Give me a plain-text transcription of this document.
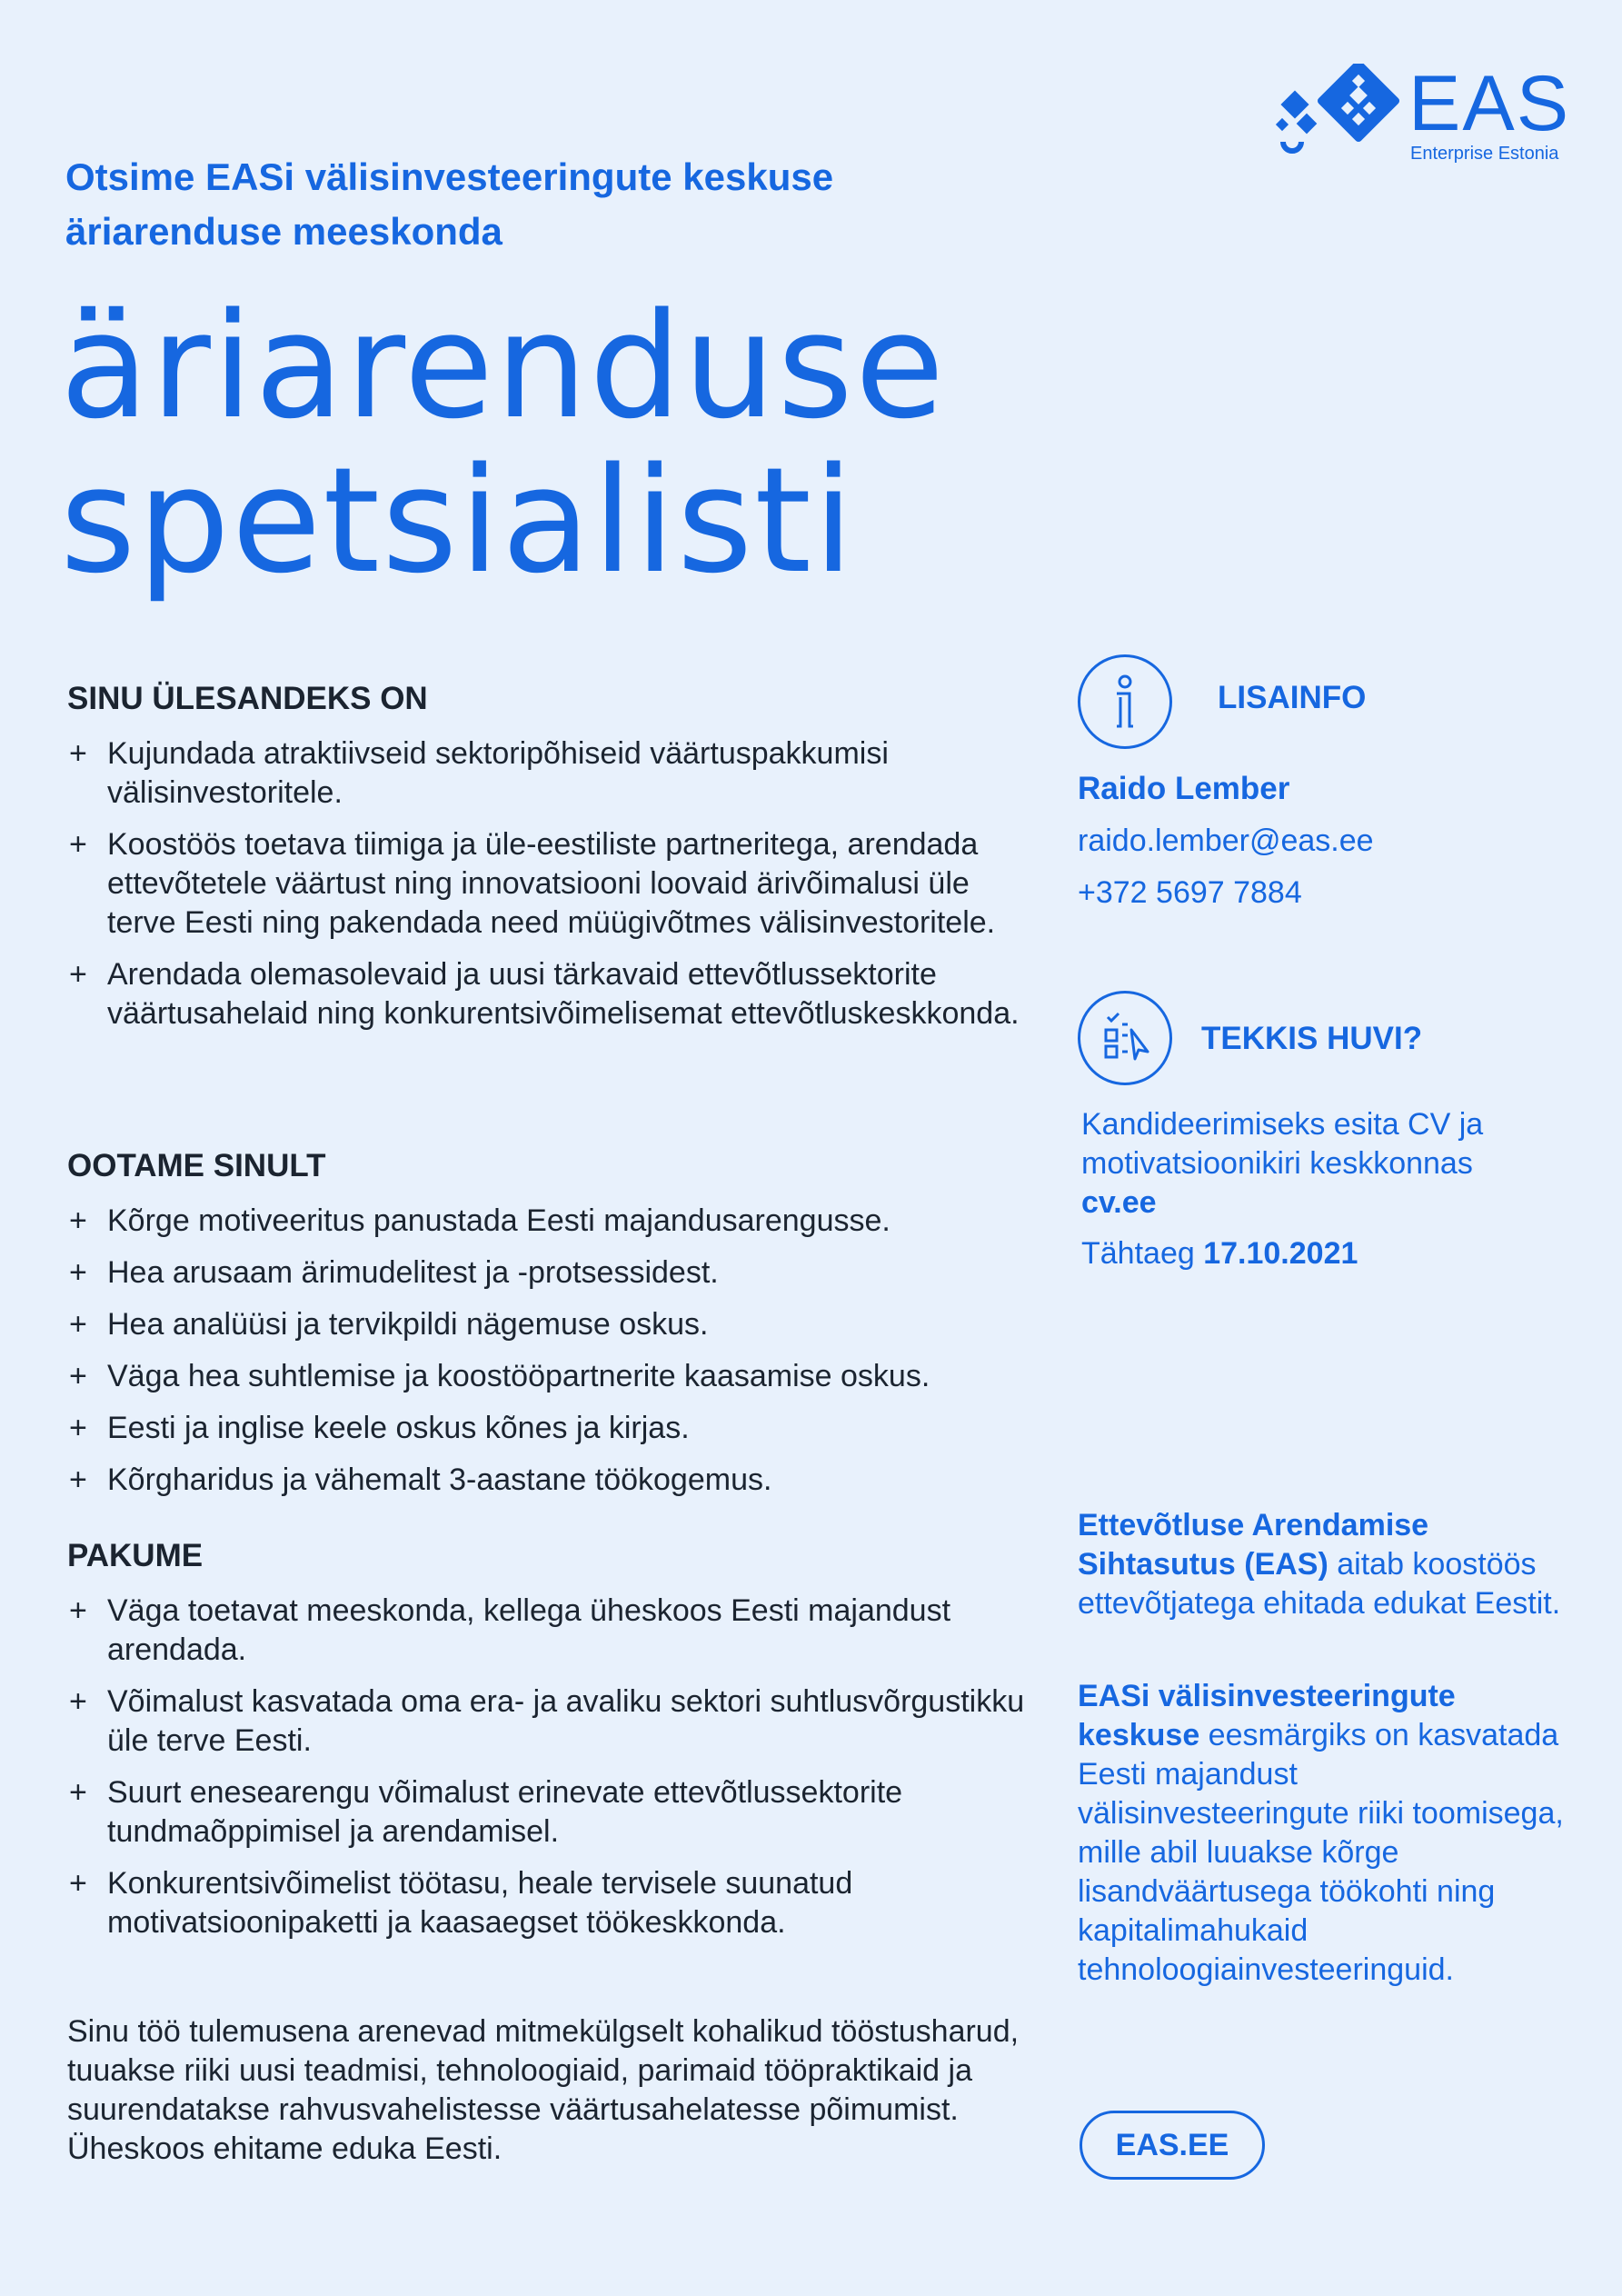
EAS
Enterprise Estonia
Otsime EASi välisinvesteeringute keskuse äriarenduse meeskonda
äriarenduse
spetsialisti
SINU ÜLESANDEKS ON
+ Kujundada atraktiivseid sektoripõhiseid väärtuspakkumisi välisinvestoritele.
+ Koostöös toetava tiimiga ja üle-eestiliste partneritega, arendada ettevõtetele väärtust ning innovatsiooni loovaid ärivõimalusi üle terve Eesti ning pakendada need müügivõtmes välisinvestoritele.
+ Arendada olemasolevaid ja uusi tärkavaid ettevõtlussektorite väärtusahelaid ning konkurentsivõimelisemat ettevõtluskeskkonda.
OOTAME SINULT
+ Kõrge motiveeritus panustada Eesti majandusarengusse.
+ Hea arusaam ärimudelitest ja -protsessidest.
+ Hea analüüsi ja tervikpildi nägemuse oskus.
+ Väga hea suhtlemise ja koostööpartnerite kaasamise oskus.
+ Eesti ja inglise keele oskus kõnes ja kirjas.
+ Kõrgharidus ja vähemalt 3-aastane töökogemus.
PAKUME
+ Väga toetavat meeskonda, kellega üheskoos Eesti majandust arendada.
+ Võimalust kasvatada oma era- ja avaliku sektori suhtlusvõrgustikku üle terve Eesti.
+ Suurt enesearengu võimalust erinevate ettevõtlussektorite tundmaõppimisel ja arendamisel.
+ Konkurentsivõimelist töötasu, heale tervisele suunatud motivatsioonipaketti ja kaasaegset töökeskkonda.
Sinu töö tulemusena arenevad mitmekülgselt kohalikud tööstusharud, tuuakse riiki uusi teadmisi, tehnoloogiaid, parimaid tööpraktikaid ja suurendatakse rahvusvahelistesse väärtusahelatesse põimumist. Üheskoos ehitame eduka Eesti.
LISAINFO
Raido Lember
raido.lember@eas.ee
+372 5697 7884
TEKKIS HUVI?
Kandideerimiseks esita CV ja motivatsioonikiri keskkonnas cv.ee
Tähtaeg 17.10.2021
Ettevõtluse Arendamise Sihtasutus (EAS) aitab koostöös ettevõtjatega ehitada edukat Eestit.
EASi välisinvesteeringute keskuse eesmärgiks on kasvatada Eesti majandust välisinvesteeringute riiki toomisega, mille abil luuakse kõrge lisandväärtusega töökohti ning kapitalimahukaid tehnoloogiainvesteeringuid.
EAS.EE
